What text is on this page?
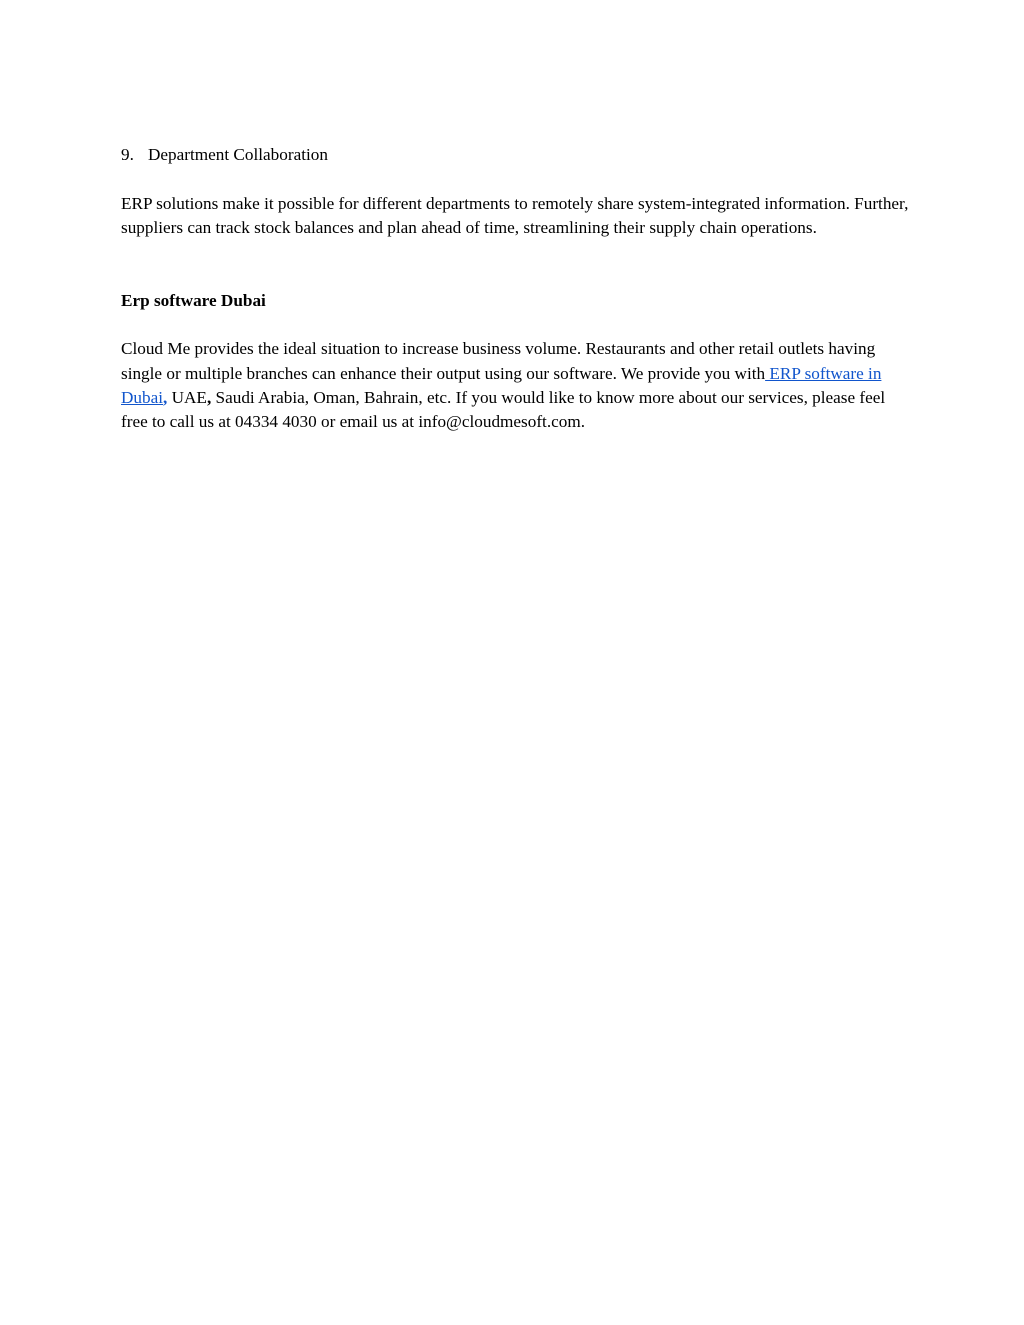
9. Department Collaboration

ERP solutions make it possible for different departments to remotely share system-integrated information. Further, suppliers can track stock balances and plan ahead of time, streamlining their supply chain operations.

Erp software Dubai

Cloud Me provides the ideal situation to increase business volume. Restaurants and other retail outlets having single or multiple branches can enhance their output using our software. We provide you with ERP software in Dubai, UAE, Saudi Arabia, Oman, Bahrain, etc. If you would like to know more about our services, please feel free to call us at 04334 4030 or email us at info@cloudmesoft.com.
